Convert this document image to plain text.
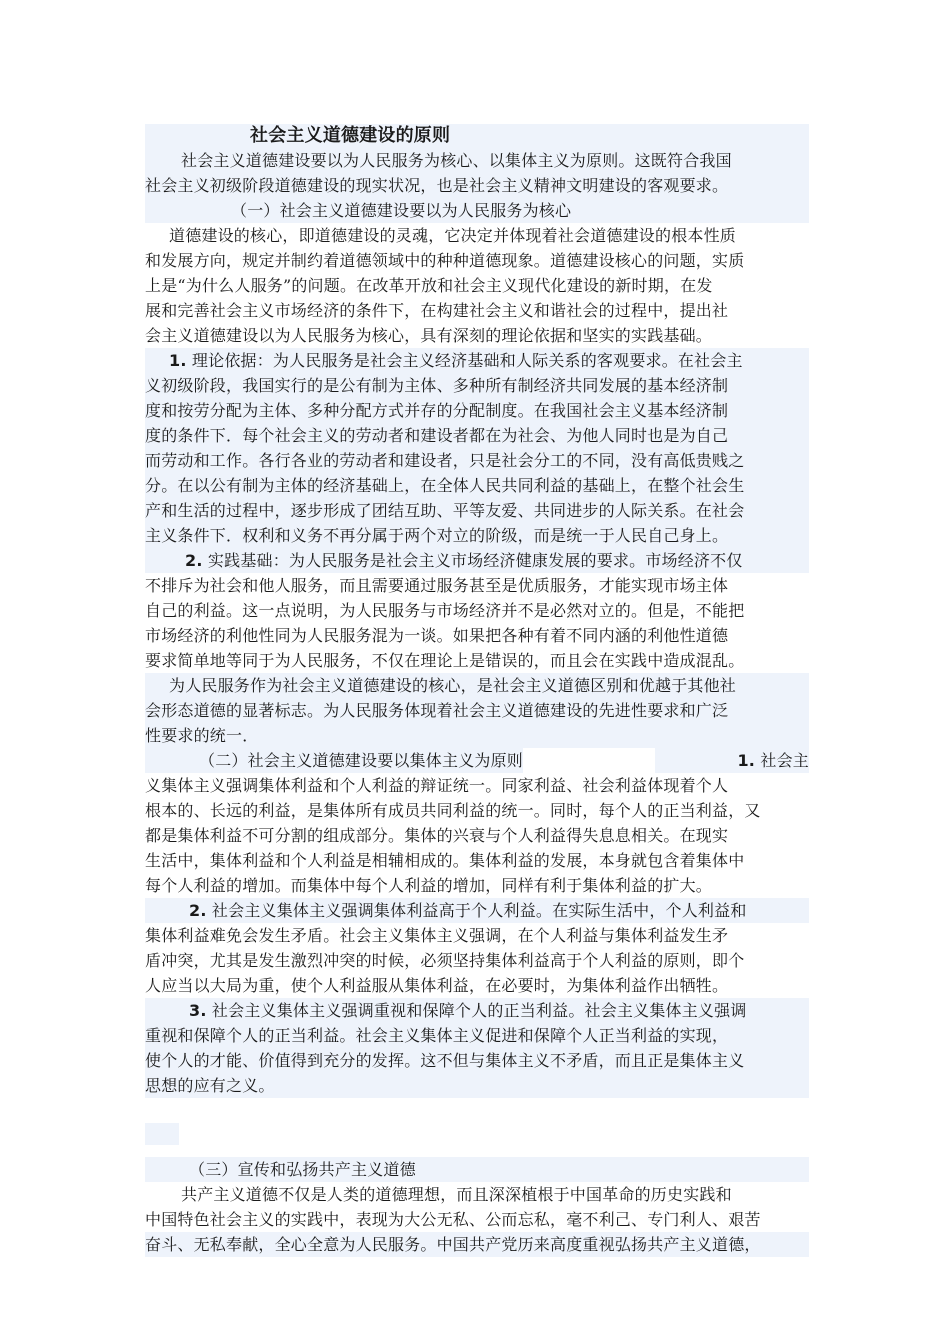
社会主义道德建设的原则
社会主义道德建设要以为人民服务为核心、以集体主义为原则。这既符合我国
社会主义初级阶段道德建设的现实状况，也是社会主义精神文明建设的客观要求。
（一）社会主义道德建设要以为人民服务为核心
道德建设的核心，即道德建设的灵魂，它决定并体现着社会道德建设的根本性质
和发展方向，规定并制约着道德领域中的种种道德现象。道德建设核心的问题，实质
上是“为什么人服务”的问题。在改革开放和社会主义现代化建设的新时期，在发
展和完善社会主义市场经济的条件下，在构建社会主义和谐社会的过程中，提出社
会主义道德建设以为人民服务为核心，具有深刻的理论依据和坚实的实践基础。
1. 理论依据：为人民服务是社会主义经济基础和人际关系的客观要求。在社会主
义初级阶段，我国实行的是公有制为主体、多种所有制经济共同发展的基本经济制
度和按劳分配为主体、多种分配方式并存的分配制度。在我国社会主义基本经济制
度的条件下．每个社会主义的劳动者和建设者都在为社会、为他人同时也是为自己
而劳动和工作。各行各业的劳动者和建设者，只是社会分工的不同，没有高低贵贱之
分。在以公有制为主体的经济基础上，在全体人民共同利益的基础上，在整个社会生
产和生活的过程中，逐步形成了团结互助、平等友爱、共同进步的人际关系。在社会
主义条件下．权利和义务不再分属于两个对立的阶级，而是统一于人民自己身上。
2. 实践基础：为人民服务是社会主义市场经济健康发展的要求。市场经济不仅
不排斥为社会和他人服务，而且需要通过服务甚至是优质服务，才能实现市场主体
自己的利益。这一点说明，为人民服务与市场经济并不是必然对立的。但是，不能把
市场经济的利他性同为人民服务混为一谈。如果把各种有着不同内涵的利他性道德
要求简单地等同于为人民服务，不仅在理论上是错误的，而且会在实践中造成混乱。
为人民服务作为社会主义道德建设的核心，是社会主义道德区别和优越于其他社
会形态道德的显著标志。为人民服务体现着社会主义道德建设的先进性要求和广泛
性要求的统一．
（二）社会主义道德建设要以集体主义为原则	1. 社会主
义集体主义强调集体利益和个人利益的辩证统一。同家利益、社会利益体现着个人
根本的、长远的利益，是集体所有成员共同利益的统一。同时，每个人的正当利益，又
都是集体利益不可分割的组成部分。集体的兴衰与个人利益得失息息相关。在现实
生活中，集体利益和个人利益是相辅相成的。集体利益的发展，本身就包含着集体中
每个人利益的增加。而集体中每个人利益的增加，同样有利于集体利益的扩大。
2. 社会主义集体主义强调集体利益高于个人利益。在实际生活中，个人利益和
集体利益难免会发生矛盾。社会主义集体主义强调，在个人利益与集体利益发生矛
盾冲突，尤其是发生激烈冲突的时候，必须坚持集体利益高于个人利益的原则，即个
人应当以大局为重，使个人利益服从集体利益，在必要时，为集体利益作出牺牲。
3. 社会主义集体主义强调重视和保障个人的正当利益。社会主义集体主义强调
重视和保障个人的正当利益。社会主义集体主义促进和保障个人正当利益的实现，
使个人的才能、价值得到充分的发挥。这不但与集体主义不矛盾，而且正是集体主义
思想的应有之义。
（三）宣传和弘扬共产主义道德
共产主义道德不仅是人类的道德理想，而且深深植根于中国革命的历史实践和
中国特色社会主义的实践中，表现为大公无私、公而忘私，毫不利己、专门利人、艰苦
奋斗、无私奉献，全心全意为人民服务。中国共产党历来高度重视弘扬共产主义道德，
